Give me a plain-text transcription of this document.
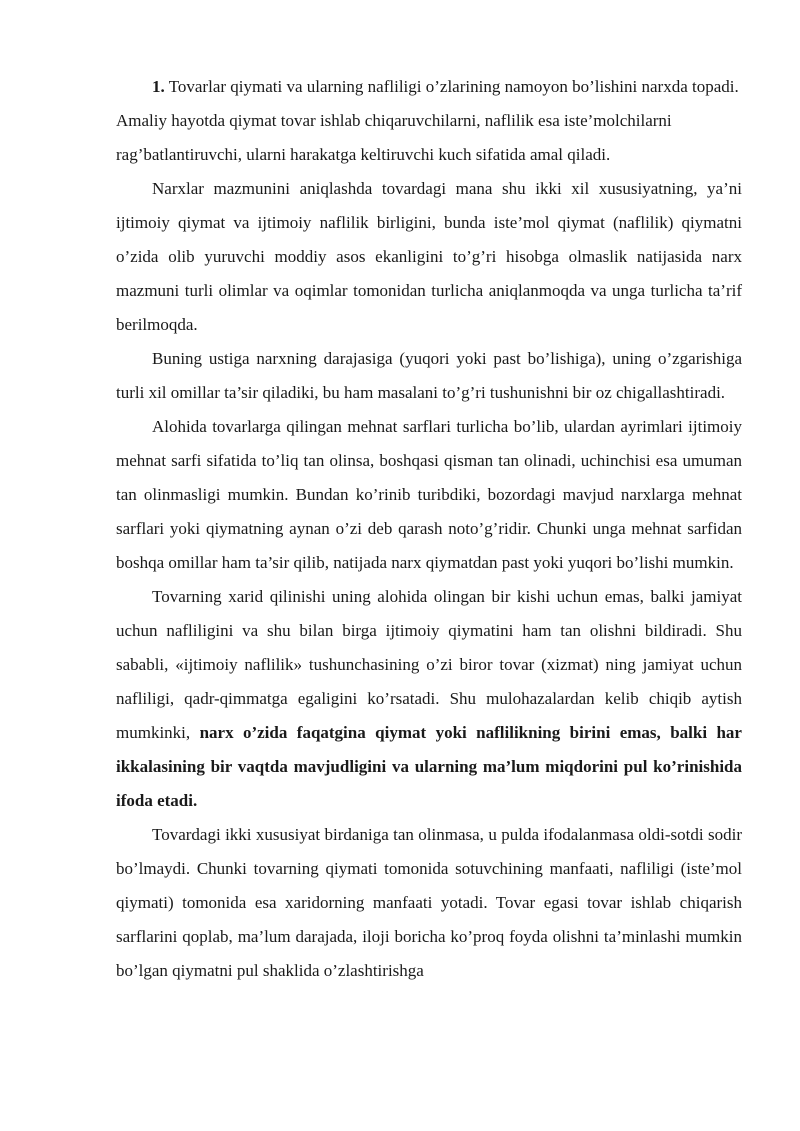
1. Tovarlar qiymati va ularning nafliligi o’zlarining namoyon bo’lishini narxda topadi. Amaliy hayotda qiymat tovar ishlab chiqaruvchilarni, naflilik esa iste’molchilarni rag’batlantiruvchi, ularni harakatga keltiruvchi kuch sifatida amal qiladi.

Narxlar mazmunini aniqlashda tovardagi mana shu ikki xil xususiyatning, ya’ni ijtimoiy qiymat va ijtimoiy naflilik birligini, bunda iste’mol qiymat (naflilik) qiymatni o’zida olib yuruvchi moddiy asos ekanligini to’g’ri hisobga olmaslik natijasida narx mazmuni turli olimlar va oqimlar tomonidan turlicha aniqlanmoqda va unga turlicha ta’rif berilmoqda.

Buning ustiga narxning darajasiga (yuqori yoki past bo’lishiga), uning o’zgarishiga turli xil omillar ta’sir qiladiki, bu ham masalani to’g’ri tushunishni bir oz chigallashtiradi.

Alohida tovarlarga qilingan mehnat sarflari turlicha bo’lib, ulardan ayrimlari ijtimoiy mehnat sarfi sifatida to’liq tan olinsa, boshqasi qisman tan olinadi, uchinchisi esa umuman tan olinmasligi mumkin. Bundan ko’rinib turibdiki, bozordagi mavjud narxlarga mehnat sarflari yoki qiymatning aynan o’zi deb qarash noto’g’ridir. Chunki unga mehnat sarfidan boshqa omillar ham ta’sir qilib, natijada narx qiymatdan past yoki yuqori bo’lishi mumkin.

Tovarning xarid qilinishi uning alohida olingan bir kishi uchun emas, balki jamiyat uchun nafliligini va shu bilan birga ijtimoiy qiymatini ham tan olishni bildiradi. Shu sababli, «ijtimoiy naflilik» tushunchasining o’zi biror tovar (xizmat) ning jamiyat uchun nafliligi, qadr-qimmatga egaligini ko’rsatadi. Shu mulohazalardan kelib chiqib aytish mumkinki, narx o’zida faqatgina qiymat yoki naflilikning birini emas, balki har ikkalasining bir vaqtda mavjudligini va ularning ma’lum miqdorini pul ko’rinishida ifoda etadi.

Tovardagi ikki xususiyat birdaniga tan olinmasa, u pulda ifodalanmasa oldi-sotdi sodir bo’lmaydi. Chunki tovarning qiymati tomonida sotuvchining manfaati, nafliligi (iste’mol qiymati) tomonida esa xaridorning manfaati yotadi. Tovar egasi tovar ishlab chiqarish sarflarini qoplab, ma’lum darajada, iloji boricha ko’proq foyda olishni ta’minlashi mumkin bo’lgan qiymatni pul shaklida o’zlashtirishga
